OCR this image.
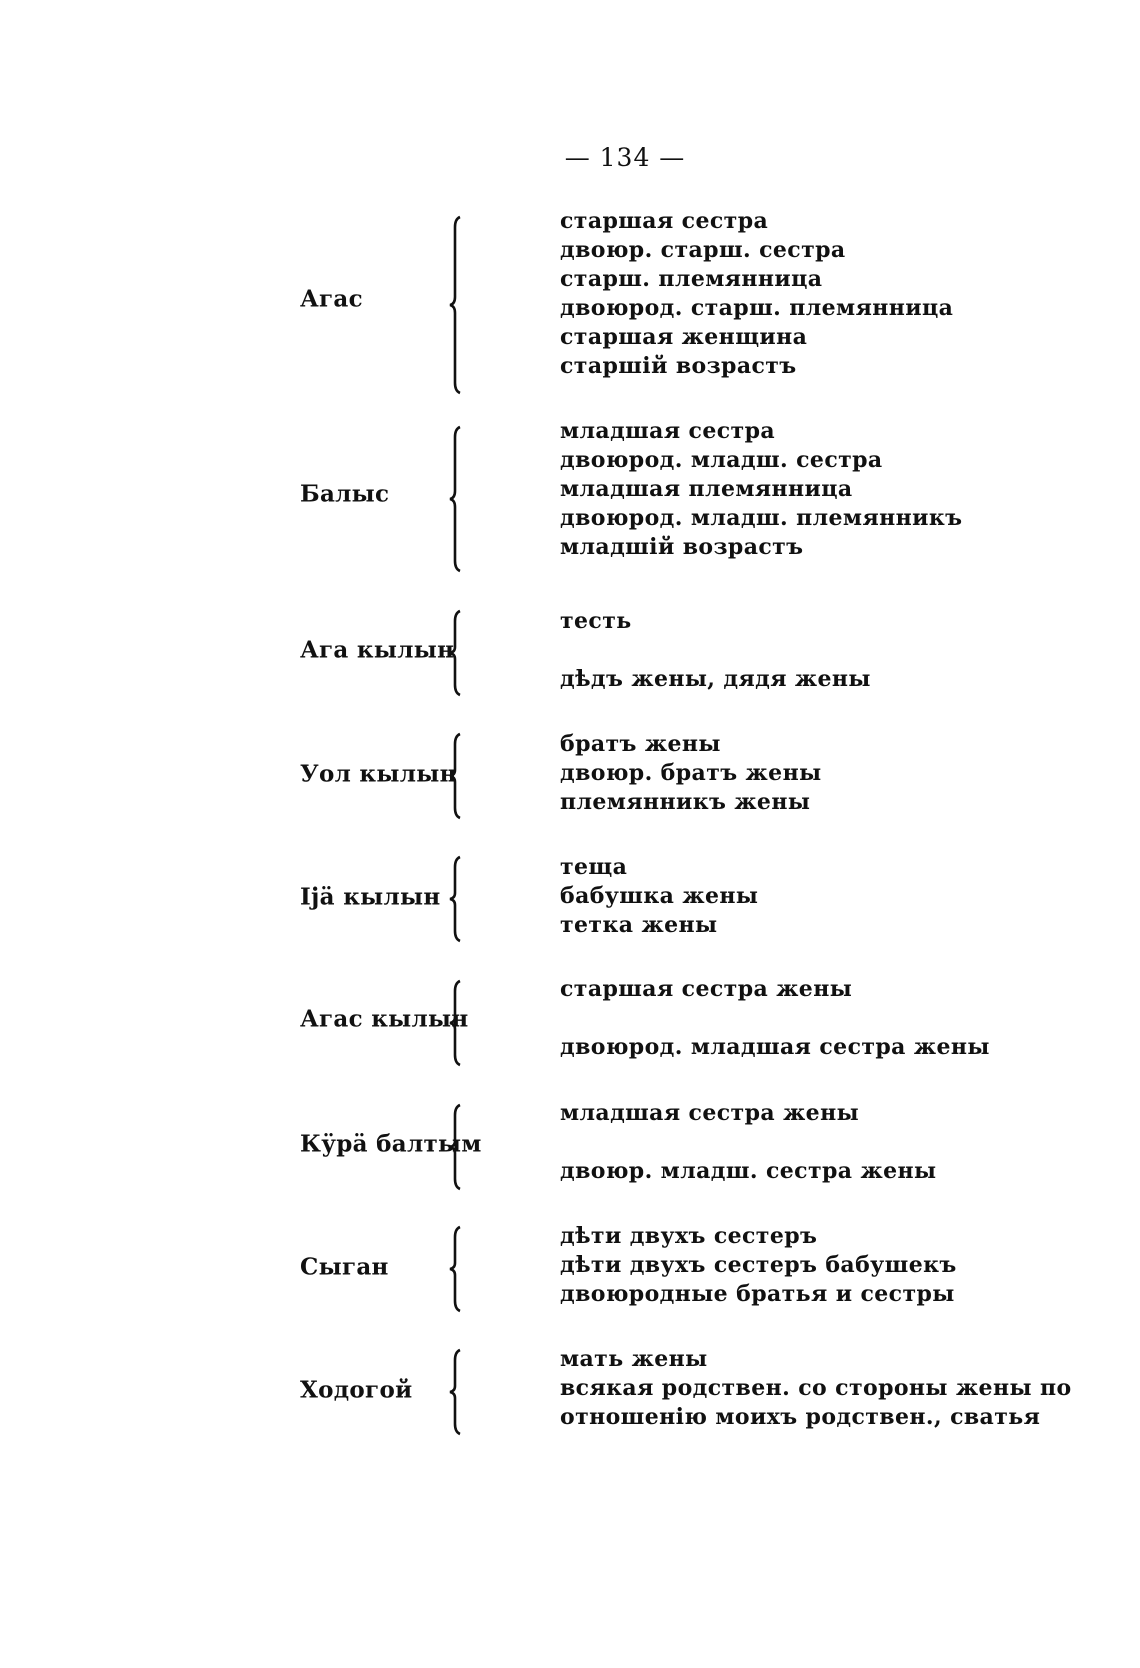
— 134 —
Агас
старшая сестра
двоюр. старш. сестра
старш. племянница
двоюрод. старш. племянница
старшая женщина
старшій возрастъ
Балыс
младшая сестра
двоюрод. младш. сестра
младшая племянница
двоюрод. младш. племянникъ
младшій возрастъ
Ага кылын
тесть
дѣдъ жены, дядя жены
Уол кылын
братъ жены
двоюр. братъ жены
племянникъ жены
Ijä кылын
теща
бабушка жены
тетка жены
Агас кылын
старшая сестра жены
двоюрод. младшая сестра жены
Кӱрӓ балтым
младшая сестра жены
двоюр. младш. сестра жены
Сыган
дѣти двухъ сестеръ
дѣти двухъ сестеръ бабушекъ
двоюродные братья и сестры
Ходогой
мать жены
всякая родствен. со стороны жены по
отношенію моихъ родствен., сватья
